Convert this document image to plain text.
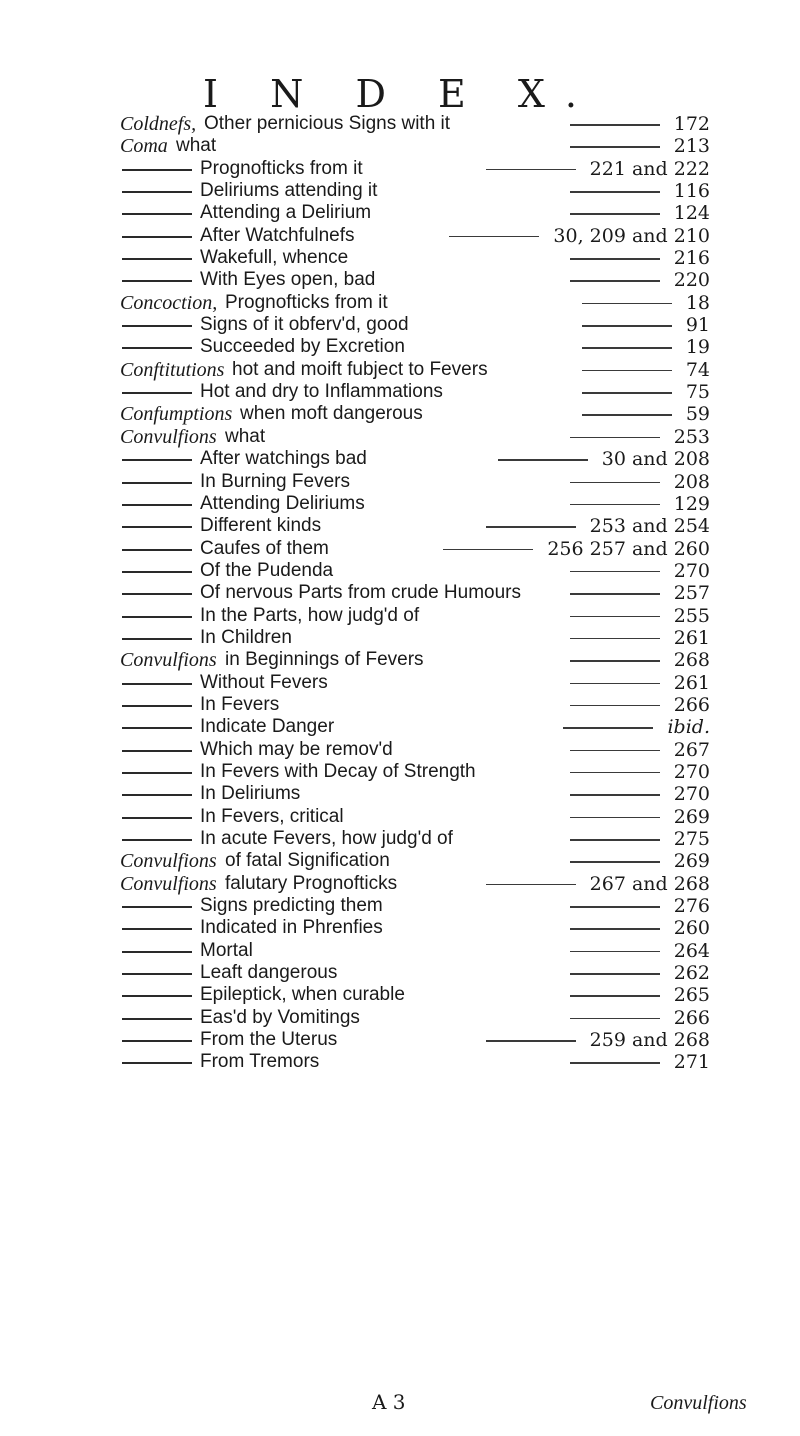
I N D E X.
Coldnefs, Other pernicious Signs with it	172
Coma what	213
Prognofticks from it	221 and 222
Deliriums attending it	116
Attending a Delirium	124
After Watchfulnefs	30, 209 and 210
Wakefull, whence	216
With Eyes open, bad	220
Concoction, Prognofticks from it	18
Signs of it obferv'd, good	91
Succeeded by Excretion	19
Conftitutions hot and moift fubject to Fevers	74
Hot and dry to Inflammations	75
Confumptions when moft dangerous	59
Convulfions what	253
After watchings bad	30 and 208
In Burning Fevers	208
Attending Deliriums	129
Different kinds	253 and 254
Caufes of them	256 257 and 260
Of the Pudenda	270
Of nervous Parts from crude Humours	257
In the Parts, how judg'd of	255
In Children	261
Convulfions in Beginnings of Fevers	268
Without Fevers	261
In Fevers	266
Indicate Danger	ibid.
Which may be remov'd	267
In Fevers with Decay of Strength	270
In Deliriums	270
In Fevers, critical	269
In acute Fevers, how judg'd of	275
Convulfions of fatal Signification	269
Convulfions falutary Prognofticks	267 and 268
Signs predicting them	276
Indicated in Phrenfies	260
Mortal	264
Leaft dangerous	262
Epileptick, when curable	265
Eas'd by Vomitings	266
From the Uterus	259 and 268
From Tremors	271
A 3	Convulfions
